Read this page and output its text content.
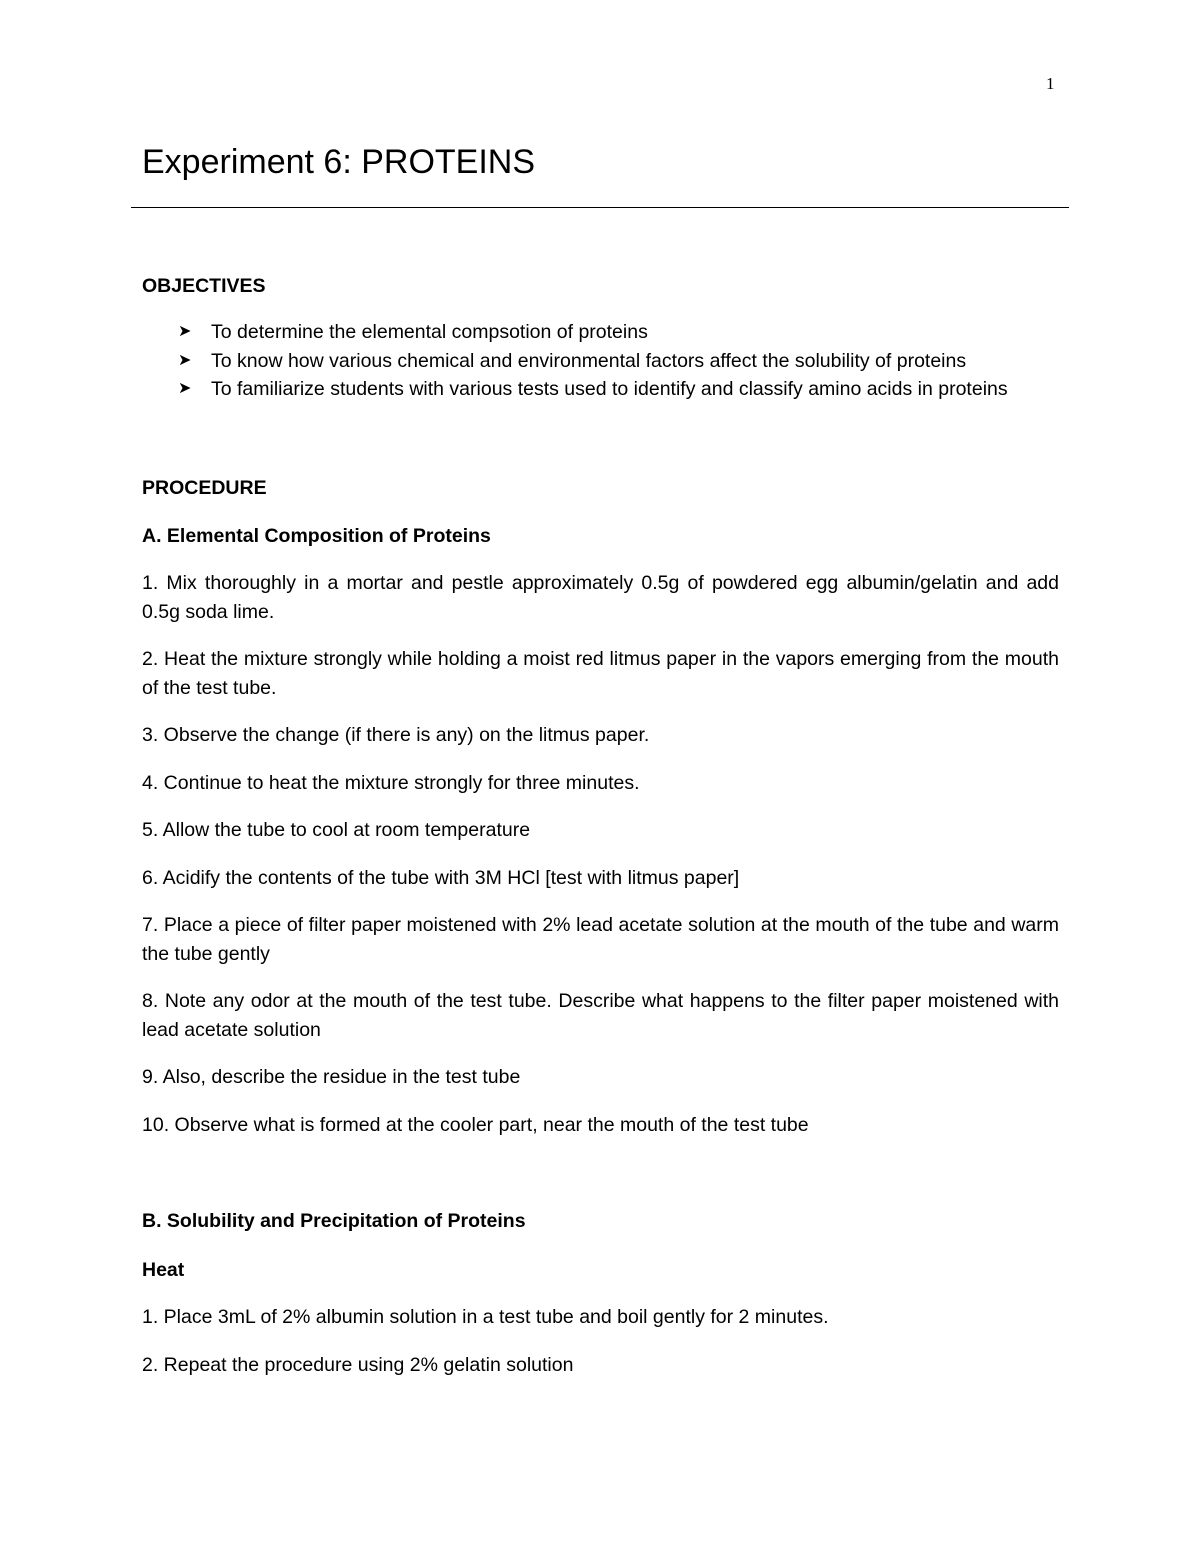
1
Experiment 6: PROTEINS

OBJECTIVES

➤ To determine the elemental compsotion of proteins
➤ To know how various chemical and environmental factors affect the solubility of proteins
➤ To familiarize students with various tests used to identify and classify amino acids in proteins

PROCEDURE

A. Elemental Composition of Proteins

1. Mix thoroughly in a mortar and pestle approximately 0.5g of powdered egg albumin/gelatin and add 0.5g soda lime.

2. Heat the mixture strongly while holding a moist red litmus paper in the vapors emerging from the mouth of the test tube.

3. Observe the change (if there is any) on the litmus paper.

4. Continue to heat the mixture strongly for three minutes.

5. Allow the tube to cool at room temperature

6. Acidify the contents of the tube with 3M HCl [test with litmus paper]

7. Place a piece of filter paper moistened with 2% lead acetate solution at the mouth of the tube and warm the tube gently

8. Note any odor at the mouth of the test tube. Describe what happens to the filter paper moistened with lead acetate solution

9. Also, describe the residue in the test tube

10. Observe what is formed at the cooler part, near the mouth of the test tube

B. Solubility and Precipitation of Proteins

Heat

1. Place 3mL of 2% albumin solution in a test tube and boil gently for 2 minutes.

2. Repeat the procedure using 2% gelatin solution
